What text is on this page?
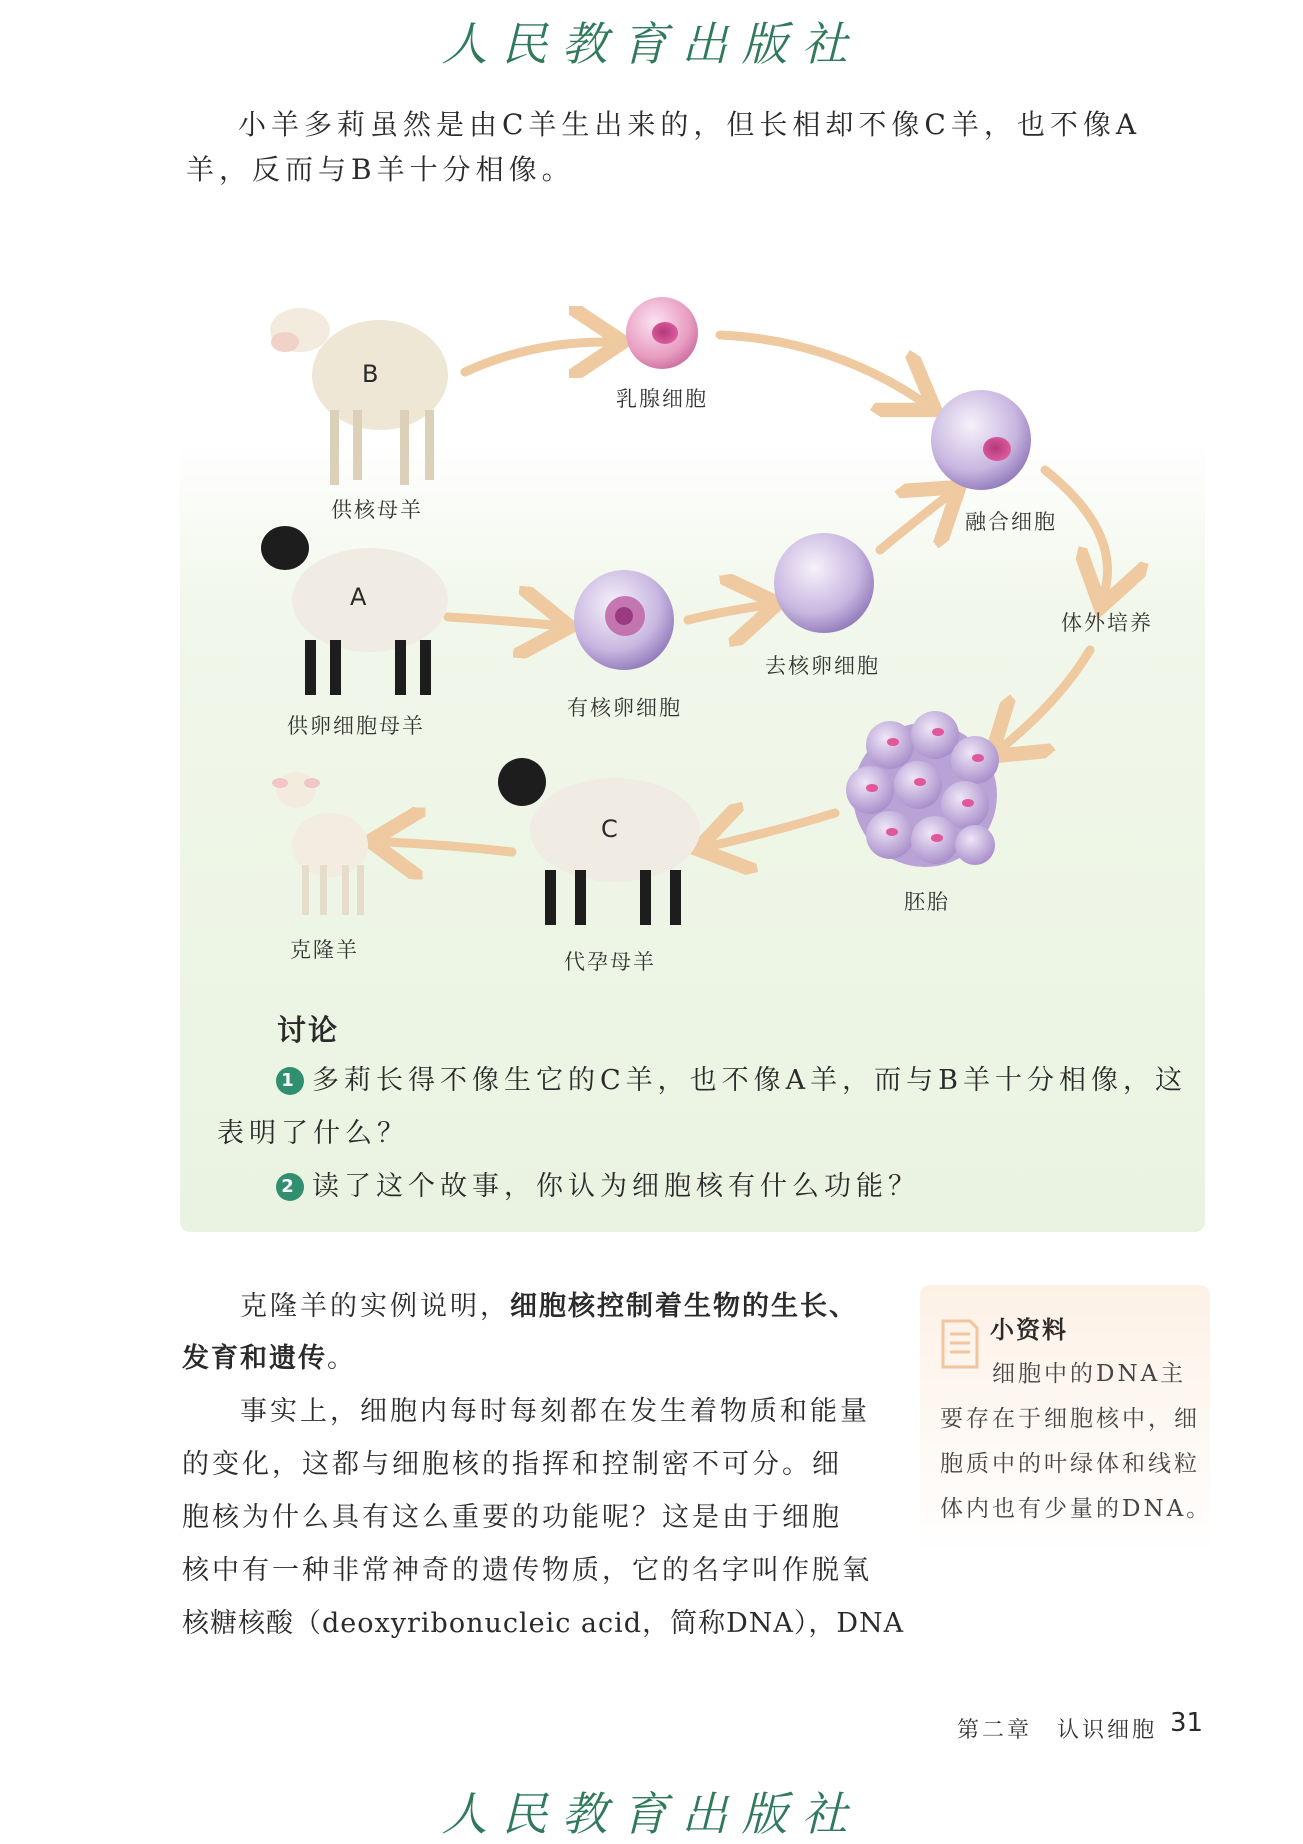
人民教育出版社
小羊多莉虽然是由C羊生出来的，但长相却不像C羊，也不像A
羊，反而与B羊十分相像。
B
A
C
供核母羊
乳腺细胞
融合细胞
供卵细胞母羊
有核卵细胞
去核卵细胞
体外培养
胚胎
代孕母羊
克隆羊
讨论
1 多莉长得不像生它的C羊，也不像A羊，而与B羊十分相像，这
表明了什么？
2 读了这个故事，你认为细胞核有什么功能？
克隆羊的实例说明，细胞核控制着生物的生长、
发育和遗传。
事实上，细胞内每时每刻都在发生着物质和能量
的变化，这都与细胞核的指挥和控制密不可分。细
胞核为什么具有这么重要的功能呢？这是由于细胞
核中有一种非常神奇的遗传物质，它的名字叫作脱氧
核糖核酸（deoxyribonucleic acid，简称DNA），DNA
小资料
细胞中的DNA主
要存在于细胞核中，细
胞质中的叶绿体和线粒
体内也有少量的DNA。
第二章　认识细胞 31
人民教育出版社
